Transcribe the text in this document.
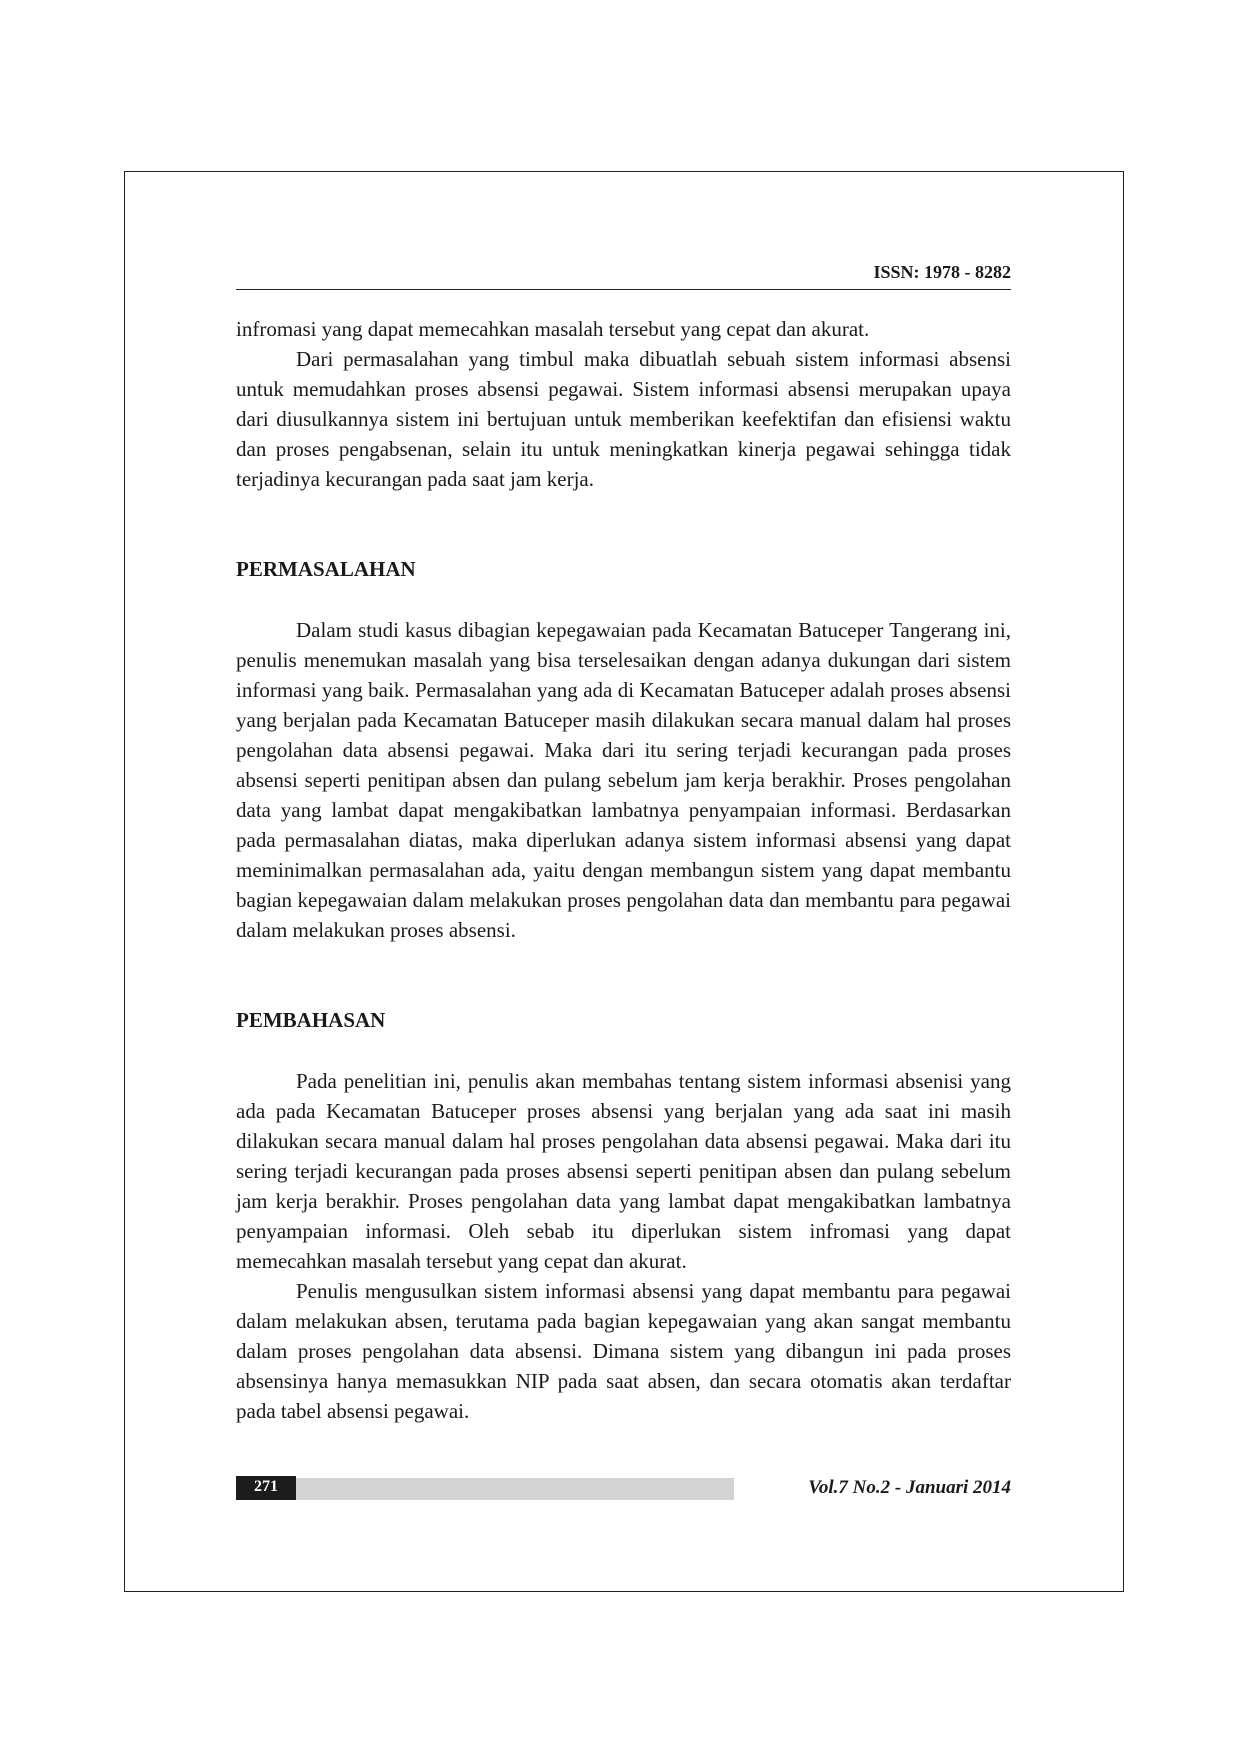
ISSN: 1978 - 8282

infromasi yang dapat memecahkan masalah tersebut yang cepat dan akurat.

Dari permasalahan yang timbul maka dibuatlah sebuah sistem informasi absensi untuk memudahkan proses absensi pegawai. Sistem informasi absensi merupakan upaya dari diusulkannya sistem ini bertujuan untuk memberikan keefektifan dan efisiensi waktu dan proses pengabsenan, selain itu untuk meningkatkan kinerja pegawai sehingga tidak terjadinya kecurangan pada saat jam kerja.

PERMASALAHAN

Dalam studi kasus dibagian kepegawaian pada Kecamatan Batuceper Tangerang ini, penulis menemukan masalah yang bisa terselesaikan dengan adanya dukungan dari sistem informasi yang baik. Permasalahan yang ada di Kecamatan Batuceper adalah proses absensi yang berjalan pada Kecamatan Batuceper masih dilakukan secara manual dalam hal proses pengolahan data absensi pegawai. Maka dari itu sering terjadi kecurangan pada proses absensi seperti penitipan absen dan pulang sebelum jam kerja berakhir. Proses pengolahan data yang lambat dapat mengakibatkan lambatnya penyampaian informasi. Berdasarkan pada permasalahan diatas, maka diperlukan adanya sistem informasi absensi yang dapat meminimalkan permasalahan ada, yaitu dengan membangun sistem yang dapat membantu bagian kepegawaian dalam melakukan proses pengolahan data dan membantu para pegawai dalam melakukan proses absensi.

PEMBAHASAN

Pada penelitian ini, penulis akan membahas tentang sistem informasi absenisi yang ada pada Kecamatan Batuceper proses absensi yang berjalan yang ada saat ini masih dilakukan secara manual dalam hal proses pengolahan data absensi pegawai. Maka dari itu sering terjadi kecurangan pada proses absensi seperti penitipan absen dan pulang sebelum jam kerja berakhir. Proses pengolahan data yang lambat dapat mengakibatkan lambatnya penyampaian informasi. Oleh sebab itu diperlukan sistem infromasi yang dapat memecahkan masalah tersebut yang cepat dan akurat.

Penulis mengusulkan sistem informasi absensi yang dapat membantu para pegawai dalam melakukan absen, terutama pada bagian kepegawaian yang akan sangat membantu dalam proses pengolahan data absensi. Dimana sistem yang dibangun ini pada proses absensinya hanya memasukkan NIP pada saat absen, dan secara otomatis akan terdaftar pada tabel absensi pegawai.

271	Vol.7 No.2 - Januari 2014
